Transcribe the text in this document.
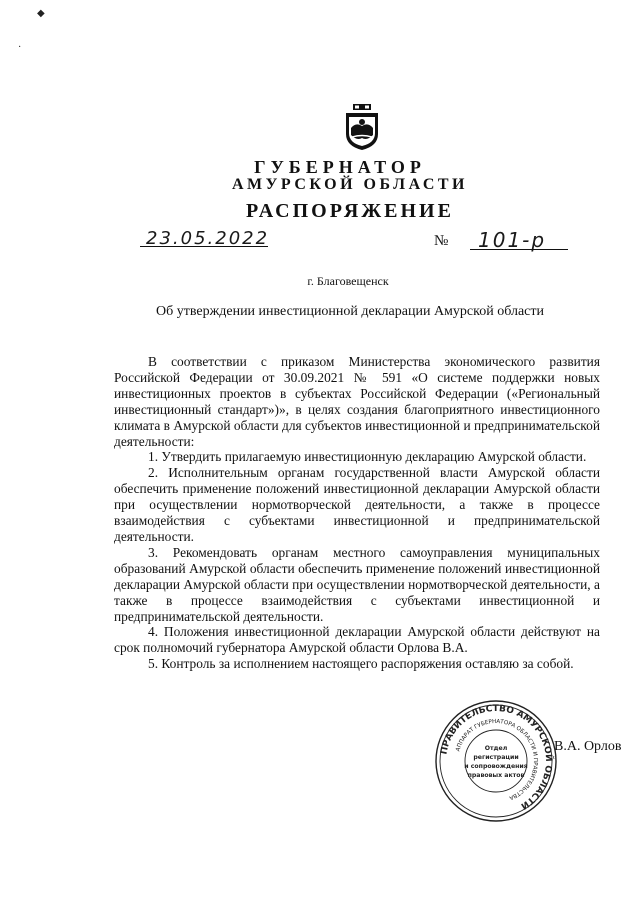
◆
·
ГУБЕРНАТОР
АМУРСКОЙ ОБЛАСТИ
РАСПОРЯЖЕНИЕ
23.05.2022	№ 101-р
г. Благовещенск
Об утверждении инвестиционной декларации Амурской области

В соответствии с приказом Министерства экономического развития Российской Федерации от 30.09.2021 № 591 «О системе поддержки новых инвестиционных проектов в субъектах Российской Федерации («Региональный инвестиционный стандарт»)», в целях создания благоприятного инвестиционного климата в Амурской области для субъектов инвестиционной и предпринимательской деятельности:

1. Утвердить прилагаемую инвестиционную декларацию Амурской области.

2. Исполнительным органам государственной власти Амурской области обеспечить применение положений инвестиционной декларации Амурской области при осуществлении нормотворческой деятельности, а также в процессе взаимодействия с субъектами инвестиционной и предпринимательской деятельности.

3. Рекомендовать органам местного самоуправления муниципальных образований Амурской области обеспечить применение положений инвестиционной декларации Амурской области при осуществлении нормотворческой деятельности, а также в процессе взаимодействия с субъектами инвестиционной и предпринимательской деятельности.

4. Положения инвестиционной декларации Амурской области действуют на срок полномочий губернатора Амурской области Орлова В.А.

5. Контроль за исполнением настоящего распоряжения оставляю за собой.

В.А. Орлов
ПРАВИТЕЛЬСТВО АМУРСКОЙ ОБЛАСТИ
АППАРАТ ГУБЕРНАТОРА ОБЛАСТИ И ПРАВИТЕЛЬСТВА
Отдел
регистрации
и сопровождения
правовых актов
